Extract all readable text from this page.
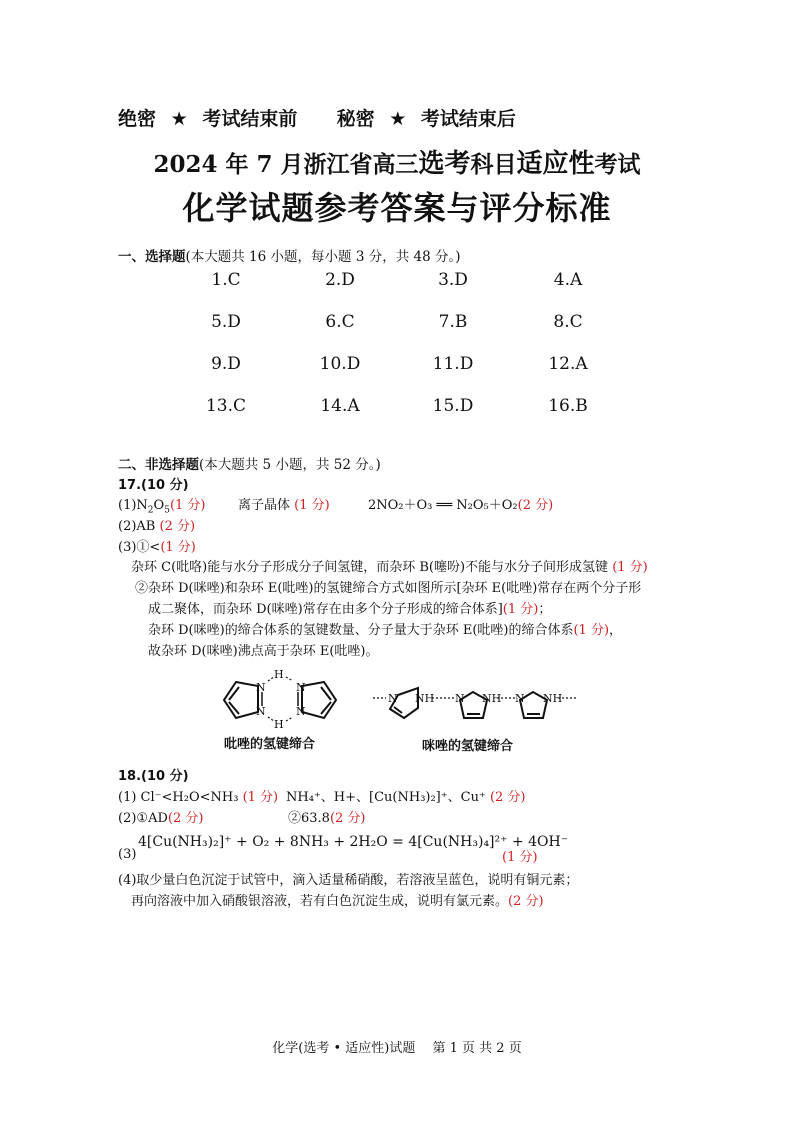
绝密 ★ 考试结束前 秘密 ★ 考试结束后
2024 年 7 月浙江省高三选考科目适应性考试
化学试题参考答案与评分标准
一、选择题(本大题共 16 小题，每小题 3 分，共 48 分。)
1.C	2.D	3.D	4.A
5.D	6.C	7.B	8.C
9.D	10.D	11.D	12.A
13.C	14.A	15.D	16.B
二、非选择题(本大题共 5 小题，共 52 分。)
17.(10 分)
$(1)N_2O_5(1$ 分)	离子晶体 (1 分)	2NO₂＋O₃ ══ N₂O₅＋O₂(2 分)
(2)AB (2 分)
(3)①<(1 分)
杂环 C(吡咯)能与水分子形成分子间氢键，而杂环 B(噻吩)不能与水分子间形成氢键 (1 分)
②杂环 D(咪唑)和杂环 E(吡唑)的氢键缔合方式如图所示[杂环 E(吡唑)常存在两个分子形
成二聚体，而杂环 D(咪唑)常存在由多个分子形成的缔合体系](1 分)；
杂环 D(咪唑)的缔合体系的氢键数量、分子量大于杂环 E(吡唑)的缔合体系(1 分)，
故杂环 D(咪唑)沸点高于杂环 E(吡唑)。
N
N
N
N
H
H
N NH N NH N NH
吡唑的氢键缔合	咪唑的氢键缔合
18.(10 分)
(1) Cl⁻<H₂O<NH₃ (1 分) NH₄⁺、H+、[Cu(NH₃)₂]⁺、Cu⁺ (2 分)
(2)①AD(2 分)	②63.8(2 分)
(3)
4[Cu(NH₃)₂]⁺ + O₂ + 8NH₃ + 2H₂O = 4[Cu(NH₃)₄]²⁺ + 4OH⁻
(1 分)
(4)取少量白色沉淀于试管中，滴入适量稀硝酸，若溶液呈蓝色，说明有铜元素；
再向溶液中加入硝酸银溶液，若有白色沉淀生成，说明有氯元素。(2 分)
化学(选考 • 适应性)试题　 第 1 页 共 2 页
